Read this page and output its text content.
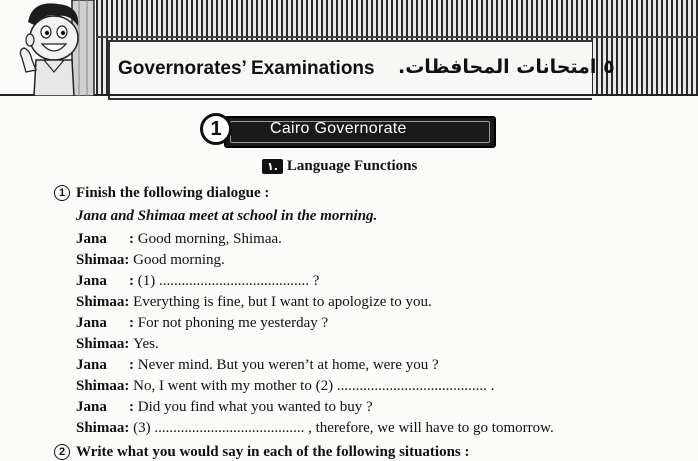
Governorates’ Examinations .٥ امتحانات المحافظات
Cairo Governorate
1
١. Language Functions
1 Finish the following dialogue :
Jana and Shimaa meet at school in the morning.
Jana : Good morning, Shimaa.
Shimaa: Good morning.
Jana : (1) ........................................ ?
Shimaa: Everything is fine, but I want to apologize to you.
Jana : For not phoning me yesterday ?
Shimaa: Yes.
Jana : Never mind. But you weren’t at home, were you ?
Shimaa: No, I went with my mother to (2) ........................................ .
Jana : Did you find what you wanted to buy ?
Shimaa: (3) ........................................ , therefore, we will have to go tomorrow.
2 Write what you would say in each of the following situations :
